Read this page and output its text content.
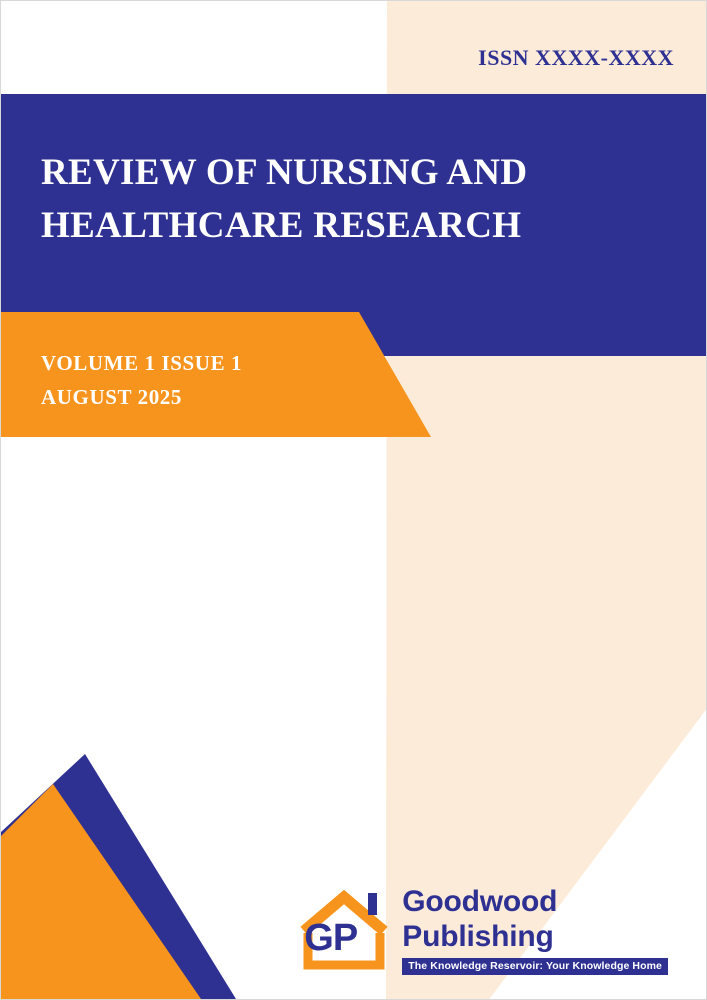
ISSN XXXX-XXXX
REVIEW OF NURSING AND HEALTHCARE RESEARCH
VOLUME 1 ISSUE 1
AUGUST 2025
GP
Goodwood
Publishing
The Knowledge Reservoir: Your Knowledge Home
